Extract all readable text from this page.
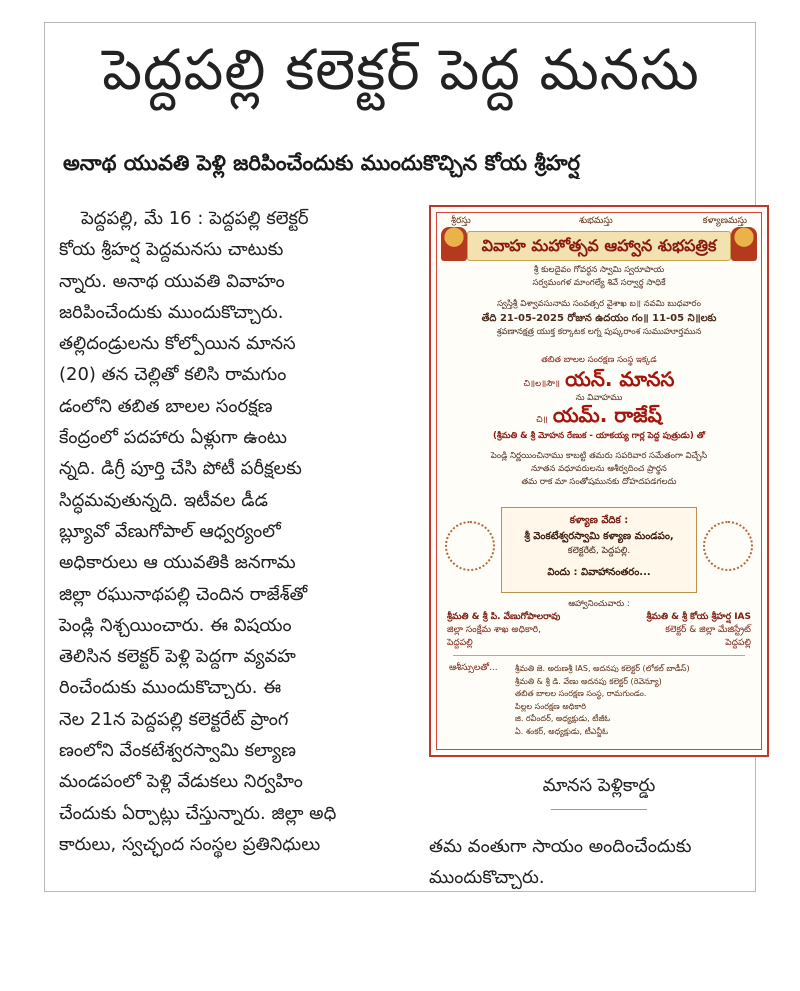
పెద్దపల్లి కలెక్టర్ పెద్ద మనసు
అనాథ యువతి పెళ్లి జరిపించేందుకు ముందుకొచ్చిన కోయ శ్రీహర్ష

పెద్దపల్లి, మే 16 : పెద్దపల్లి కలెక్టర్

కోయ శ్రీహర్ష పెద్దమనసు చాటుకు

న్నారు. అనాథ యువతి వివాహం

జరిపించేందుకు ముందుకొచ్చారు.

తల్లిదండ్రులను కోల్పోయిన మానస

(20) తన చెల్లితో కలిసి రామగుం

డంలోని తబిత బాలల సంరక్షణ

కేంద్రంలో పదహారు ఏళ్లుగా ఉంటు

న్నది. డిగ్రీ పూర్తి చేసి పోటీ పరీక్షలకు

సిద్ధమవుతున్నది. ఇటీవల డీడ

బ్ల్యూవో వేణుగోపాల్ ఆధ్వర్యంలో

అధికారులు ఆ యువతికి జనగామ

జిల్లా రఘునాథపల్లి చెందిన రాజేశ్‌తో

పెండ్లి నిశ్చయించారు. ఈ విషయం

తెలిసిన కలెక్టర్ పెళ్లి పెద్దగా వ్యవహ

రించేందుకు ముందుకొచ్చారు. ఈ

నెల 21న పెద్దపల్లి కలెక్టరేట్ ప్రాంగ

ణంలోని వేంకటేశ్వరస్వామి కల్యాణ

మండపంలో పెళ్లి వేడుకలు నిర్వహిం

చేందుకు ఏర్పాట్లు చేస్తున్నారు. జిల్లా అధి

కారులు, స్వచ్ఛంద సంస్థల ప్రతినిధులు

శ్రీరస్తు	శుభమస్తు	కళ్యాణమస్తు
వివాహ మహోత్సవ ఆహ్వాన శుభపత్రిక
శ్రీ కులదైవం గోవర్ధన స్వామి స్వరూపాయ
సర్వమంగళ మాంగల్యే శివే సర్వార్థ సాధికే
స్వస్తిశ్రీ విశ్వావసునామ సంవత్సర వైశాఖ బ॥ నవమి బుధవారం
తేది 21-05-2025 రోజున ఉదయం గం॥ 11-05 ని॥లకు
శ్రవణానక్షత్ర యుక్త కర్కాటక లగ్న పుష్కరాంశ సుముహూర్తమున
తబిత బాలల సంరక్షణ సంస్థ ఇక్కడ
చి॥ల॥సౌ॥ యన్. మానస
ను వివాహము
చి॥ యమ్. రాజేష్
(శ్రీమతి & శ్రీ మోహన రేణుక - యాకయ్య గార్ల పెద్ద పుత్రుడు) తో
పెండ్లి నిర్ణయించినాము కాబట్టి తమరు సపరివార సమేతంగా విచ్చేసి
నూతన వధూవరులను ఆశీర్వదించ ప్రార్థన
తమ రాక మా సంతోషమునకు దోహదపడగలదు
కళ్యాణ వేదిక :
శ్రీ వెంకటేశ్వరస్వామి కళ్యాణ మండపం,
కలెక్టరేట్, పెద్దపల్లి.
విందు : వివాహానంతరం...
ఆహ్వానించువారు :
శ్రీమతి & శ్రీ పి. వేణుగోపాలరావు
జిల్లా సంక్షేమ శాఖ అధికారి,
పెద్దపల్లి
శ్రీమతి & శ్రీ కోయ శ్రీహర్ష IAS
కలెక్టర్ & జిల్లా మేజిస్ట్రేట్
పెద్దపల్లి
ఆశీస్సులతో... శ్రీమతి జె. అరుణశ్రీ IAS, అదనపు కలెక్టర్ (లోకల్ బాడీస్)
శ్రీమతి & శ్రీ డి. వేణు అదనపు కలెక్టర్ (రెవెన్యూ)
తబిత బాలల సంరక్షణ సంస్థ, రామగుండం.
పిల్లల సంరక్షణ అధికారి
జి. రవీందర్, అధ్యక్షుడు, టీజీఓ
ఏ. శంకర్, అధ్యక్షుడు, టీఎన్జీఓ
మానస పెళ్లికార్డు

తమ వంతుగా సాయం అందించేందుకు

ముందుకొచ్చారు.
